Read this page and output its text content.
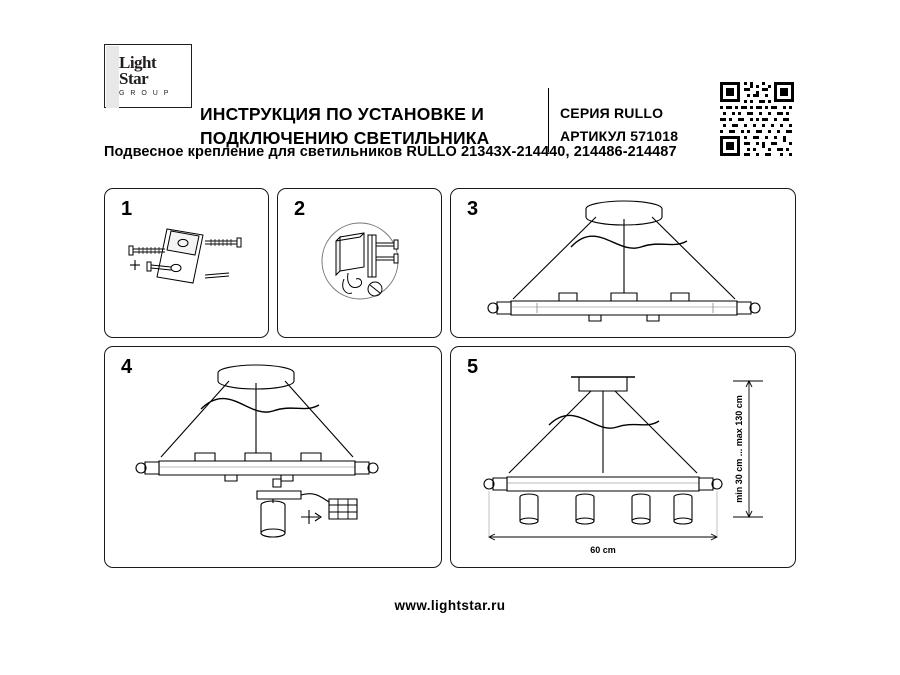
Light
Star
G R O U P
ИНСТРУКЦИЯ ПО УСТАНОВКЕ И
ПОДКЛЮЧЕНИЮ СВЕТИЛЬНИКА
СЕРИЯ RULLO
АРТИКУЛ 571018
Подвесное крепление для светильников RULLO 21343Х-214440, 214486-214487
1	2	3
4	5
60 cm
min 30 cm ... max 130 cm
www.lightstar.ru
